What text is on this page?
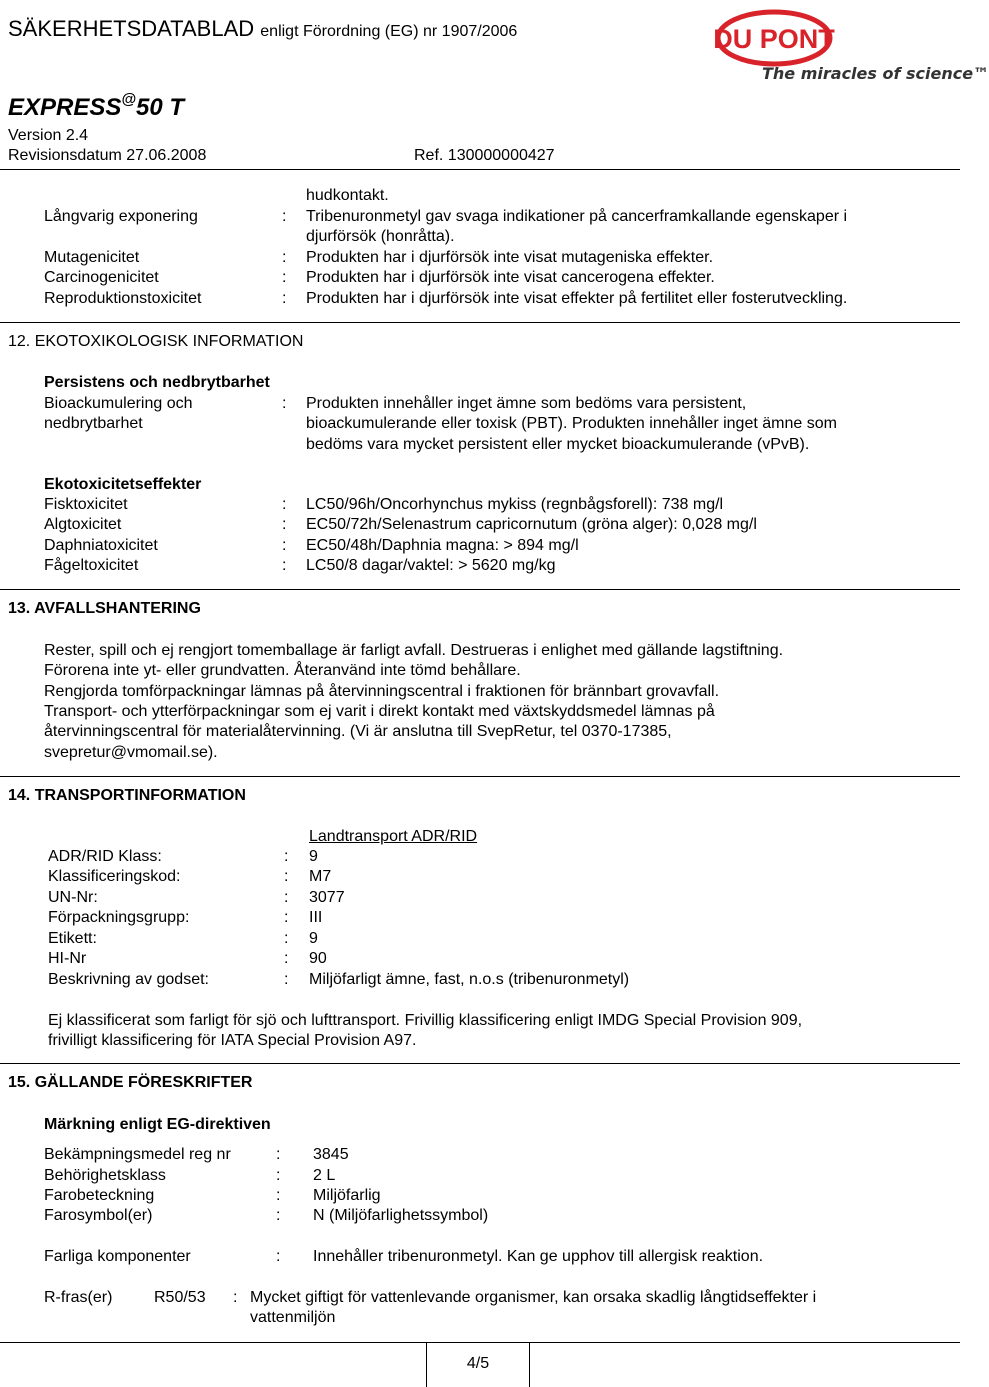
SÄKERHETSDATABLAD enligt Förordning (EG) nr 1907/2006
EXPRESS@50 T
DU PONT
The miracles of science™
Version 2.4
Revisionsdatum 27.06.2008	Ref. 130000000427
hudkontakt.
Långvarig exponering	: Tribenuronmetyl gav svaga indikationer på cancerframkallande egenskaper i
djurförsök (honråtta).
Mutagenicitet	: Produkten har i djurförsök inte visat mutageniska effekter.
Carcinogenicitet	: Produkten har i djurförsök inte visat cancerogena effekter.
Reproduktionstoxicitet	: Produkten har i djurförsök inte visat effekter på fertilitet eller fosterutveckling.
12. EKOTOXIKOLOGISK INFORMATION
Persistens och nedbrytbarhet
Bioackumulering och
nedbrytbarhet
: Produkten innehåller inget ämne som bedöms vara persistent,
bioackumulerande eller toxisk (PBT). Produkten innehåller inget ämne som
bedöms vara mycket persistent eller mycket bioackumulerande (vPvB).
Ekotoxicitetseffekter
Fisktoxicitet	: LC50/96h/Oncorhynchus mykiss (regnbågsforell): 738 mg/l
Algtoxicitet	: EC50/72h/Selenastrum capricornutum (gröna alger): 0,028 mg/l
Daphniatoxicitet	: EC50/48h/Daphnia magna: > 894 mg/l
Fågeltoxicitet	: LC50/8 dagar/vaktel: > 5620 mg/kg
13. AVFALLSHANTERING
Rester, spill och ej rengjort tomemballage är farligt avfall. Destrueras i enlighet med gällande lagstiftning.
Förorena inte yt- eller grundvatten. Återanvänd inte tömd behållare.
Rengjorda tomförpackningar lämnas på återvinningscentral i fraktionen för brännbart grovavfall.
Transport- och ytterförpackningar som ej varit i direkt kontakt med växtskyddsmedel lämnas på
återvinningscentral för materialåtervinning. (Vi är anslutna till SvepRetur, tel 0370-17385,
svepretur@vmomail.se).
14. TRANSPORTINFORMATION
Landtransport ADR/RID
ADR/RID Klass:	: 9
Klassificeringskod:	: M7
UN-Nr:	: 3077
Förpackningsgrupp:	: III
Etikett:	: 9
HI-Nr	: 90
Beskrivning av godset:	: Miljöfarligt ämne, fast, n.o.s (tribenuronmetyl)
Ej klassificerat som farligt för sjö och lufttransport. Frivillig klassificering enligt IMDG Special Provision 909,
frivilligt klassificering för IATA Special Provision A97.
15. GÄLLANDE FÖRESKRIFTER
Märkning enligt EG-direktiven
Bekämpningsmedel reg nr	: 3845
Behörighetsklass	: 2 L
Farobeteckning	: Miljöfarlig
Farosymbol(er)	: N (Miljöfarlighetssymbol)
Farliga komponenter	: Innehåller tribenuronmetyl. Kan ge upphov till allergisk reaktion.
R-fras(er)	R50/53 : Mycket giftigt för vattenlevande organismer, kan orsaka skadlig långtidseffekter i
vattenmiljön
4/5
